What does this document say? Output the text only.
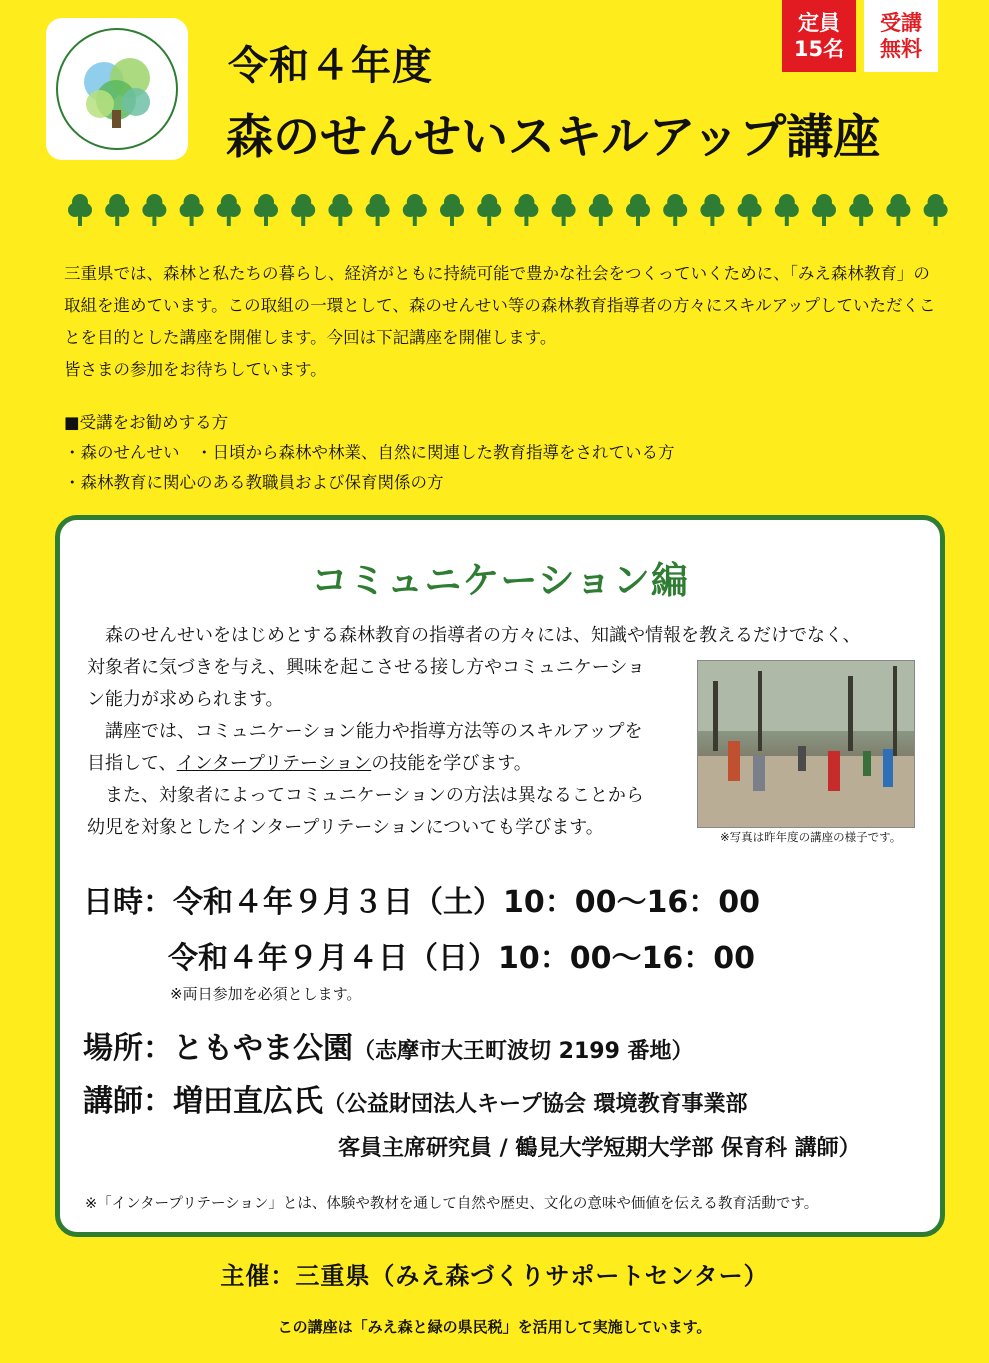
定員
15名
受講
無料
令和４年度
森のせんせいスキルアップ講座
三重県では、森林と私たちの暮らし、経済がともに持続可能で豊かな社会をつくっていくために、「みえ森林教育」の取組を進めています。この取組の一環として、森のせんせい等の森林教育指導者の方々にスキルアップしていただくことを目的とした講座を開催します。今回は下記講座を開催します。
皆さまの参加をお待ちしています。
■受講をお勧めする方
・森のせんせい　・日頃から森林や林業、自然に関連した教育指導をされている方
・森林教育に関心のある教職員および保育関係の方
コミュニケーション編
　森のせんせいをはじめとする森林教育の指導者の方々には、知識や情報を教えるだけでなく、
対象者に気づきを与え、興味を起こさせる接し方やコミュニケーショ
ン能力が求められます。
　講座では、コミュニケーション能力や指導方法等のスキルアップを
目指して、インタープリテーションの技能を学びます。
　また、対象者によってコミュニケーションの方法は異なることから
幼児を対象としたインタープリテーションについても学びます。	※写真は昨年度の講座の様子です。
日時：令和４年９月３日（土）10：00～16：00
令和４年９月４日（日）10：00～16：00
※両日参加を必須とします。
場所：ともやま公園（志摩市大王町波切 2199 番地）
講師：増田直広氏（公益財団法人キープ協会 環境教育事業部
客員主席研究員 / 鶴見大学短期大学部 保育科 講師）
※「インタープリテーション」とは、体験や教材を通して自然や歴史、文化の意味や価値を伝える教育活動です。
主催：三重県（みえ森づくりサポートセンター）
この講座は「みえ森と緑の県民税」を活用して実施しています。
